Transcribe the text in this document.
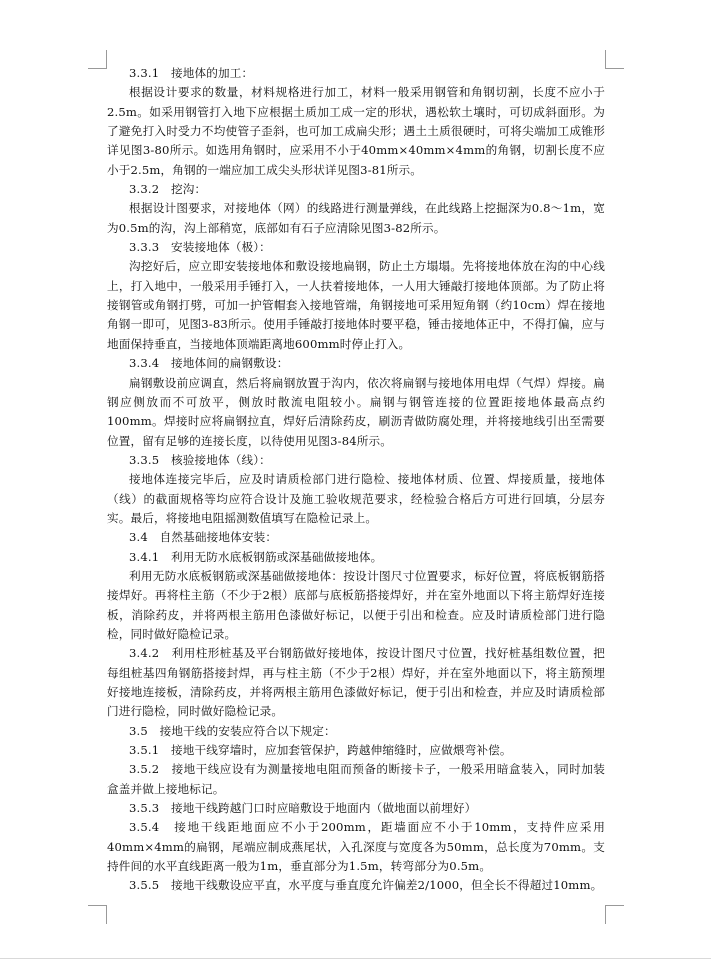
3.3.1　接地体的加工：

根据设计要求的数量，材料规格进行加工，材料一般采用钢管和角钢切割，长度不应小于2.5m。如采用钢管打入地下应根据土质加工成一定的形状，遇松软土壤时，可切成斜面形。为了避免打入时受力不均使管子歪斜，也可加工成扁尖形；遇土土质很硬时，可将尖端加工成锥形详见图3-80所示。如选用角钢时，应采用不小于40mm×40mm×4mm的角钢，切割长度不应小于2.5m，角钢的一端应加工成尖头形状详见图3-81所示。

3.3.2　挖沟：

根据设计图要求，对接地体（网）的线路进行测量弹线，在此线路上挖掘深为0.8～1m，宽为0.5m的沟，沟上部稍宽，底部如有石子应清除见图3-82所示。

3.3.3　安装接地体（极）：

沟挖好后，应立即安装接地体和敷设接地扁钢，防止土方塌塌。先将接地体放在沟的中心线上，打入地中，一般采用手锤打入，一人扶着接地体，一人用大锤敲打接地体顶部。为了防止将接钢管或角钢打劈，可加一护管帽套入接地管端，角钢接地可采用短角钢（约10cm）焊在接地角钢一即可，见图3-83所示。使用手锤敲打接地体时要平稳，锤击接地体正中，不得打偏，应与地面保持垂直，当接地体顶端距离地600mm时停止打入。

3.3.4　接地体间的扁钢敷设：

扁钢敷设前应调直，然后将扁钢放置于沟内，依次将扁钢与接地体用电焊（气焊）焊接。扁钢应侧放而不可放平，侧放时散流电阻较小。扁钢与钢管连接的位置距接地体最高点约100mm。焊接时应将扁钢拉直，焊好后清除药皮，刷沥青做防腐处理，并将接地线引出至需要位置，留有足够的连接长度，以待使用见图3-84所示。

3.3.5　核验接地体（线）：

接地体连接完毕后，应及时请质检部门进行隐检、接地体材质、位置、焊接质量，接地体（线）的截面规格等均应符合设计及施工验收规范要求，经检验合格后方可进行回填，分层夯实。最后，将接地电阻摇测数值填写在隐检记录上。

3.4　自然基础接地体安装：

3.4.1　利用无防水底板钢筋或深基础做接地体。

利用无防水底板钢筋或深基础做接地体：按设计图尺寸位置要求，标好位置，将底板钢筋搭接焊好。再将柱主筋（不少于2根）底部与底板筋搭接焊好，并在室外地面以下将主筋焊好连接板，消除药皮，并将两根主筋用色漆做好标记，以便于引出和检查。应及时请质检部门进行隐检，同时做好隐检记录。

3.4.2　利用柱形桩基及平台钢筋做好接地体，按设计图尺寸位置，找好桩基组数位置，把每组桩基四角钢筋搭接封焊，再与柱主筋（不少于2根）焊好，并在室外地面以下，将主筋预埋好接地连接板，清除药皮，并将两根主筋用色漆做好标记，便于引出和检查，并应及时请质检部门进行隐检，同时做好隐检记录。

3.5　接地干线的安装应符合以下规定：

3.5.1　接地干线穿墙时，应加套管保护，跨越伸缩缝时，应做煨弯补偿。

3.5.2　接地干线应设有为测量接地电阻而预备的断接卡子，一般采用暗盒装入，同时加装盒盖并做上接地标记。

3.5.3　接地干线跨越门口时应暗敷设于地面内（做地面以前埋好）

3.5.4　接地干线距地面应不小于200mm，距墙面应不小于10mm，支持件应采用40mm×4mm的扁钢，尾端应制成燕尾状，入孔深度与宽度各为50mm，总长度为70mm。支持件间的水平直线距离一般为1m，垂直部分为1.5m，转弯部分为0.5m。

3.5.5　接地干线敷设应平直，水平度与垂直度允许偏差2/1000，但全长不得超过10mm。
